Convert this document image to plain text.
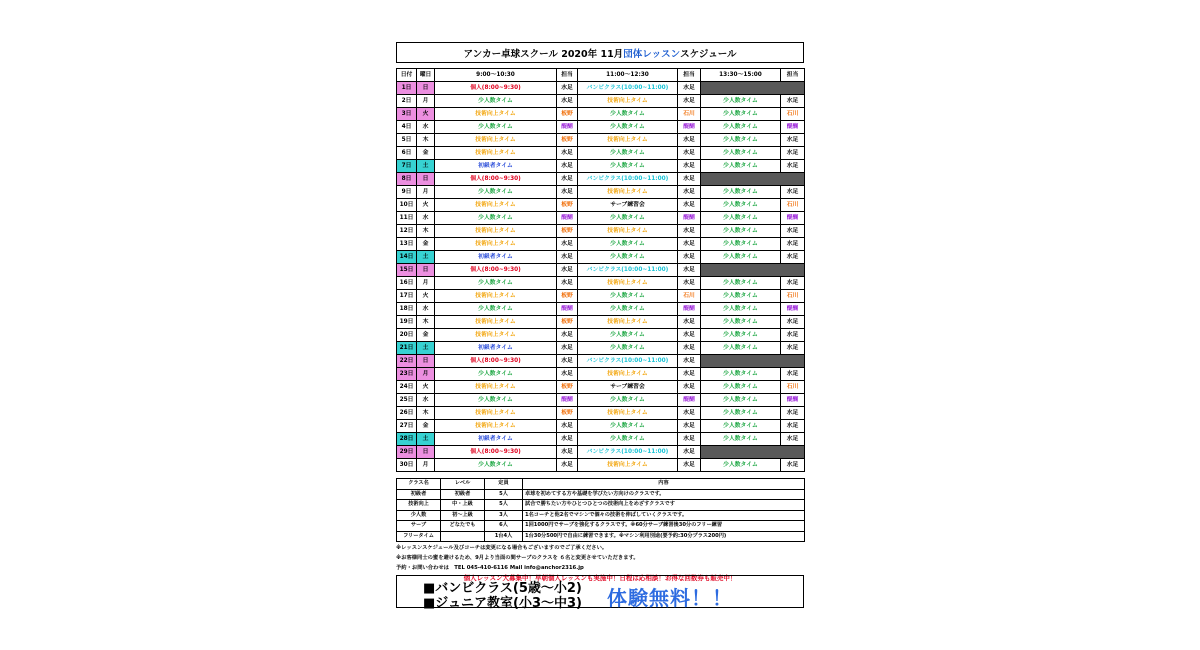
アンカー卓球スクール 2020年 11月 団体レッスン スケジュール
日付	曜日	9:00～10:30	担当	11:00～12:30	担当	13:30～15:00	担当
1日	日	個人(8:00~9:30)	水足	バンビクラス(10:00~11:00)	水足		
2日	月	少人数タイム	水足	技術向上タイム	水足	少人数タイム	水足
3日	火	技術向上タイム	板野	少人数タイム	石川	少人数タイム	石川
4日	水	少人数タイム	醍醐	少人数タイム	醍醐	少人数タイム	醍醐
5日	木	技術向上タイム	板野	技術向上タイム	水足	少人数タイム	水足
6日	金	技術向上タイム	水足	少人数タイム	水足	少人数タイム	水足
7日	土	初級者タイム	水足	少人数タイム	水足	少人数タイム	水足
8日	日	個人(8:00~9:30)	水足	バンビクラス(10:00~11:00)	水足		
9日	月	少人数タイム	水足	技術向上タイム	水足	少人数タイム	水足
10日	火	技術向上タイム	板野	サーブ練習会	水足	少人数タイム	石川
11日	水	少人数タイム	醍醐	少人数タイム	醍醐	少人数タイム	醍醐
12日	木	技術向上タイム	板野	技術向上タイム	水足	少人数タイム	水足
13日	金	技術向上タイム	水足	少人数タイム	水足	少人数タイム	水足
14日	土	初級者タイム	水足	少人数タイム	水足	少人数タイム	水足
15日	日	個人(8:00~9:30)	水足	バンビクラス(10:00~11:00)	水足		
16日	月	少人数タイム	水足	技術向上タイム	水足	少人数タイム	水足
17日	火	技術向上タイム	板野	少人数タイム	石川	少人数タイム	石川
18日	水	少人数タイム	醍醐	少人数タイム	醍醐	少人数タイム	醍醐
19日	木	技術向上タイム	板野	技術向上タイム	水足	少人数タイム	水足
20日	金	技術向上タイム	水足	少人数タイム	水足	少人数タイム	水足
21日	土	初級者タイム	水足	少人数タイム	水足	少人数タイム	水足
22日	日	個人(8:00~9:30)	水足	バンビクラス(10:00~11:00)	水足		
23日	月	少人数タイム	水足	技術向上タイム	水足	少人数タイム	水足
24日	火	技術向上タイム	板野	サーブ練習会	水足	少人数タイム	石川
25日	水	少人数タイム	醍醐	少人数タイム	醍醐	少人数タイム	醍醐
26日	木	技術向上タイム	板野	技術向上タイム	水足	少人数タイム	水足
27日	金	技術向上タイム	水足	少人数タイム	水足	少人数タイム	水足
28日	土	初級者タイム	水足	少人数タイム	水足	少人数タイム	水足
29日	日	個人(8:00~9:30)	水足	バンビクラス(10:00~11:00)	水足		
30日	月	少人数タイム	水足	技術向上タイム	水足	少人数タイム	水足
クラス名	レベル	定員	内容
初級者	初級者	5人	卓球を初めてする方や基礎を学びたい方向けのクラスです。
技術向上	中・上級	5人	試合で勝ちたい方やひとつひとつの技術向上をめざすクラスです
少人数	初～上級	3人	1名コーチと他2名でマシンで個々の技術を伸ばしていくクラスです。
サーブ	どなたでも	6人	1回1000円でサーブを強化するクラスです。※60分サーブ練習後30分のフリー練習
フリータイム		1台4人	1台30分500円で自由に練習できます。※マシン利用別途(要予約:30分プラス200円)
※レッスンスケジュール及びコーチは変更になる場合もございますのでご了承ください。
※お客様同士の蜜を避けるため、9月より当面の間サーブのクラスを ６名と変更させていただきます。
予約・お問い合わせは　TEL 045-410-6116 Mail info@anchor2316.jp
個人レッスン大募集中！早朝個人レッスンも実施中！日程は応相談！お得な回数券も販売中！
■バンビクラス(5歳～小2)
■ジュニア教室(小3～中3) 体験無料！！
